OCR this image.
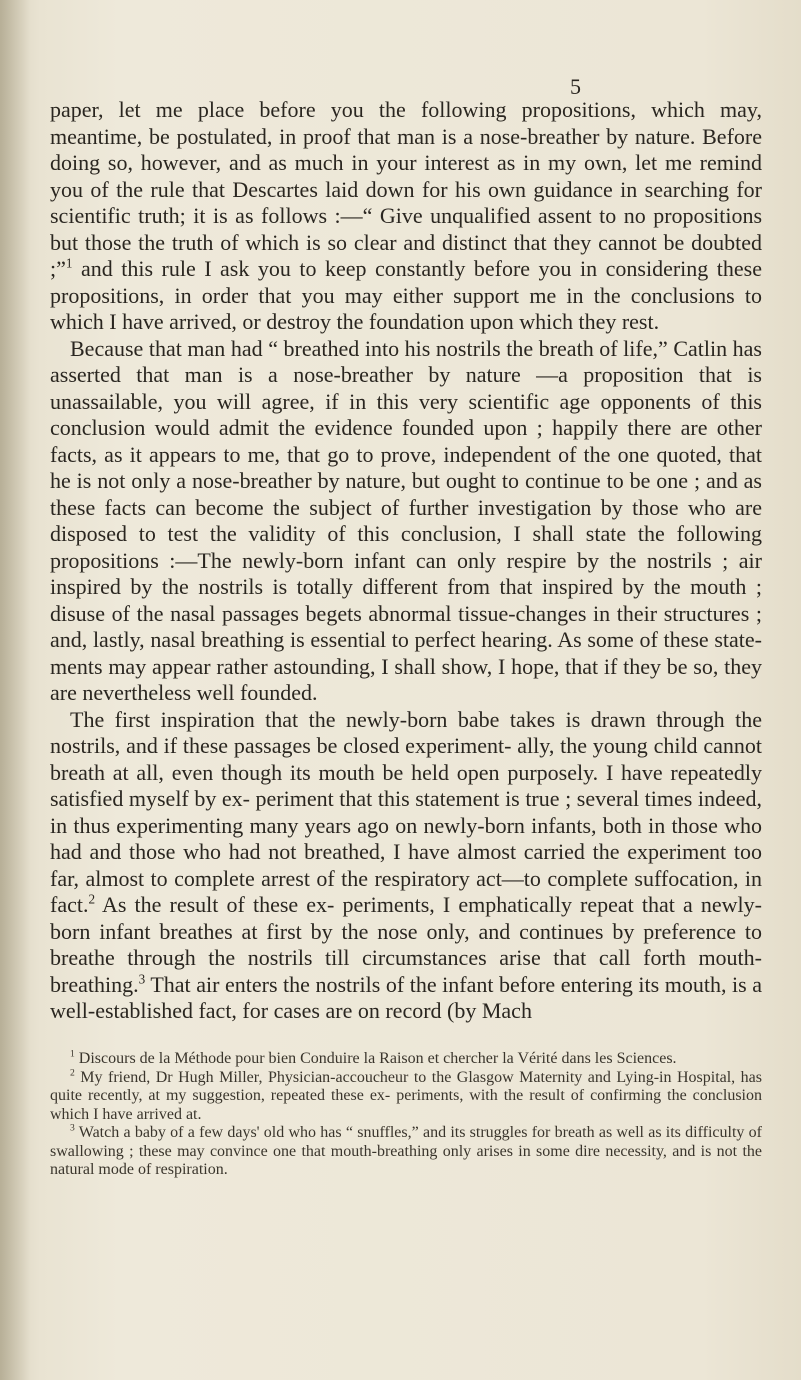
5

paper, let me place before you the following propositions, which may, meantime, be postulated, in proof that man is a nose-breather by nature. Before doing so, however, and as much in your interest as in my own, let me remind you of the rule that Descartes laid down for his own guidance in searching for scientific truth; it is as follows :—“ Give unqualified assent to no propositions but those the truth of which is so clear and distinct that they cannot be doubted ;”$^1$ and this rule I ask you to keep constantly before you in considering these propositions, in order that you may either support me in the conclusions to which I have arrived, or destroy the foundation upon which they rest.

Because that man had “ breathed into his nostrils the breath of life,” Catlin has asserted that man is a nose-breather by nature —a proposition that is unassailable, you will agree, if in this very scientific age opponents of this conclusion would admit the evidence founded upon ; happily there are other facts, as it appears to me, that go to prove, independent of the one quoted, that he is not only a nose-breather by nature, but ought to continue to be one ; and as these facts can become the subject of further investigation by those who are disposed to test the validity of this conclusion, I shall state the following propositions :—The newly-born infant can only respire by the nostrils ; air inspired by the nostrils is totally different from that inspired by the mouth ; disuse of the nasal passages begets abnormal tissue-changes in their structures ; and, lastly, nasal breathing is essential to perfect hearing. As some of these state- ments may appear rather astounding, I shall show, I hope, that if they be so, they are nevertheless well founded.

The first inspiration that the newly-born babe takes is drawn through the nostrils, and if these passages be closed experiment- ally, the young child cannot breath at all, even though its mouth be held open purposely. I have repeatedly satisfied myself by ex- periment that this statement is true ; several times indeed, in thus experimenting many years ago on newly-born infants, both in those who had and those who had not breathed, I have almost carried the experiment too far, almost to complete arrest of the respiratory act—to complete suffocation, in fact.$^2$ As the result of these ex- periments, I emphatically repeat that a newly-born infant breathes at first by the nose only, and continues by preference to breathe through the nostrils till circumstances arise that call forth mouth- breathing.$^3$ That air enters the nostrils of the infant before entering its mouth, is a well-established fact, for cases are on record (by Mach

$^1$ Discours de la Méthode pour bien Conduire la Raison et chercher la Vérité dans les Sciences.

$^2$ My friend, Dr Hugh Miller, Physician-accoucheur to the Glasgow Maternity and Lying-in Hospital, has quite recently, at my suggestion, repeated these ex- periments, with the result of confirming the conclusion which I have arrived at.

$^3$ Watch a baby of a few days' old who has “ snuffles,” and its struggles for breath as well as its difficulty of swallowing ; these may convince one that mouth-breathing only arises in some dire necessity, and is not the natural mode of respiration.
